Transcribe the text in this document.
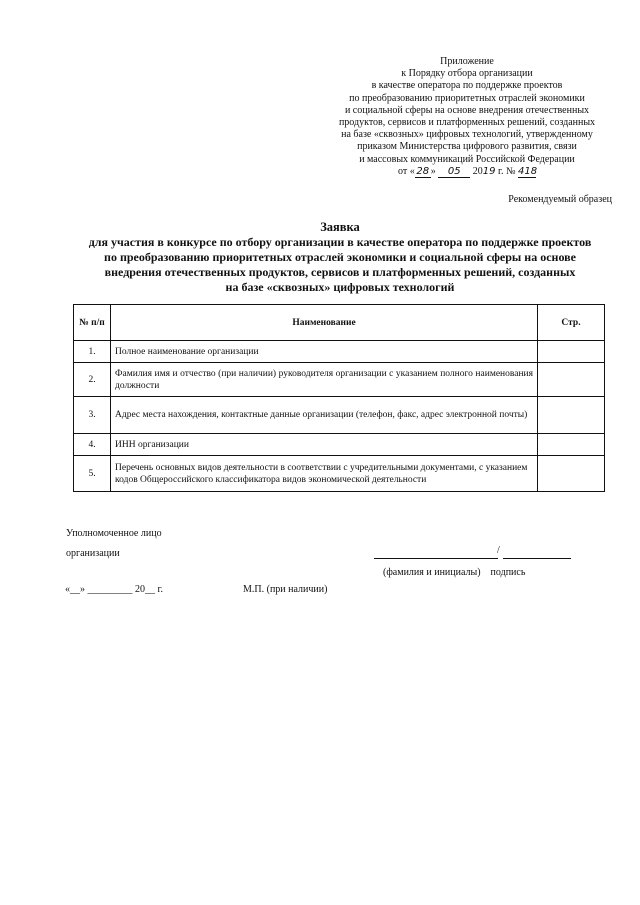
Приложение
к Порядку отбора организации
в качестве оператора по поддержке проектов
по преобразованию приоритетных отраслей экономики
и социальной сферы на основе внедрения отечественных
продуктов, сервисов и платформенных решений, созданных
на базе «сквозных» цифровых технологий, утвержденному
приказом Министерства цифрового развития, связи
и массовых коммуникаций Российской Федерации
от « 28 » 05 2019 г. № 418
Рекомендуемый образец
Заявка
для участия в конкурсе по отбору организации в качестве оператора по поддержке проектов
по преобразованию приоритетных отраслей экономики и социальной сферы на основе
внедрения отечественных продуктов, сервисов и платформенных решений, созданных
на базе «сквозных» цифровых технологий
№ п/п	Наименование	Стр.
1.	Полное наименование организации	
2.	Фамилия имя и отчество (при наличии) руководителя организации с указанием полного наименования должности	
3.	Адрес места нахождения, контактные данные организации (телефон, факс, адрес электронной почты)	
4.	ИНН организации	
5.	Перечень основных видов деятельности в соответствии с учредительными документами, с указанием кодов Общероссийского классификатора видов экономической деятельности	
Уполномоченное лицо
организации	/
(фамилия и инициалы)    подпись
«__» _________ 20__ г.	М.П. (при наличии)
